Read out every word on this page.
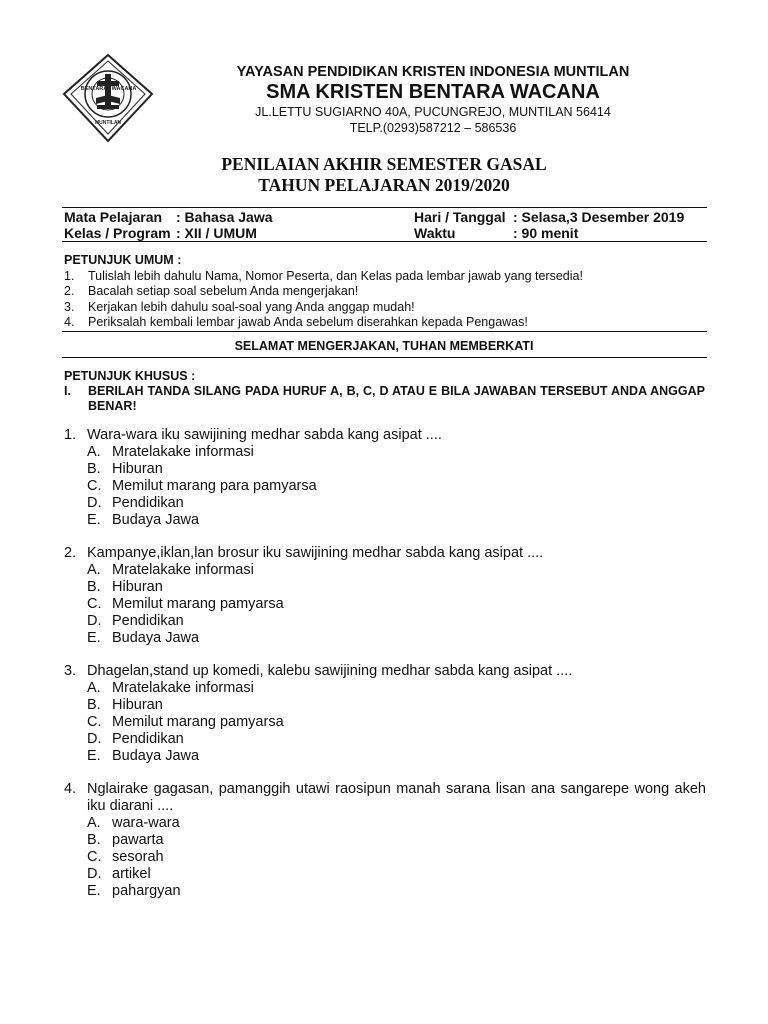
BENTARA WACANA
MUNTILAN
YAYASAN PENDIDIKAN KRISTEN INDONESIA MUNTILAN
SMA KRISTEN BENTARA WACANA
JL.LETTU SUGIARNO 40A, PUCUNGREJO, MUNTILAN 56414
TELP.(0293)587212 – 586536
PENILAIAN AKHIR SEMESTER GASAL
TAHUN PELAJARAN 2019/2020
Mata Pelajaran : Bahasa Jawa	Hari / Tanggal : Selasa,3 Desember 2019
Kelas / Program : XII / UMUM	Waktu	: 90 menit
PETUNJUK UMUM :
1. Tulislah lebih dahulu Nama, Nomor Peserta, dan Kelas pada lembar jawab yang tersedia!
2. Bacalah setiap soal sebelum Anda mengerjakan!
3. Kerjakan lebih dahulu soal-soal yang Anda anggap mudah!
4. Periksalah kembali lembar jawab Anda sebelum diserahkan kepada Pengawas!
SELAMAT MENGERJAKAN, TUHAN MEMBERKATI
PETUNJUK KHUSUS :
I. BERILAH TANDA SILANG PADA HURUF A, B, C, D ATAU E BILA JAWABAN TERSEBUT ANDA ANGGAP BENAR!
1. Wara-wara iku sawijining medhar sabda kang asipat ....
A. Mratelakake informasi
B. Hiburan
C. Memilut marang para pamyarsa
D. Pendidikan
E. Budaya Jawa
2. Kampanye,iklan,lan brosur iku sawijining medhar sabda kang asipat ....
A. Mratelakake informasi
B. Hiburan
C. Memilut marang pamyarsa
D. Pendidikan
E. Budaya Jawa
3. Dhagelan,stand up komedi, kalebu sawijining medhar sabda kang asipat ....
A. Mratelakake informasi
B. Hiburan
C. Memilut marang pamyarsa
D. Pendidikan
E. Budaya Jawa
4. Nglairake gagasan, pamanggih utawi raosipun manah sarana lisan ana sangarepe wong akeh iku diarani ....
A. wara-wara
B. pawarta
C. sesorah
D. artikel
E. pahargyan
